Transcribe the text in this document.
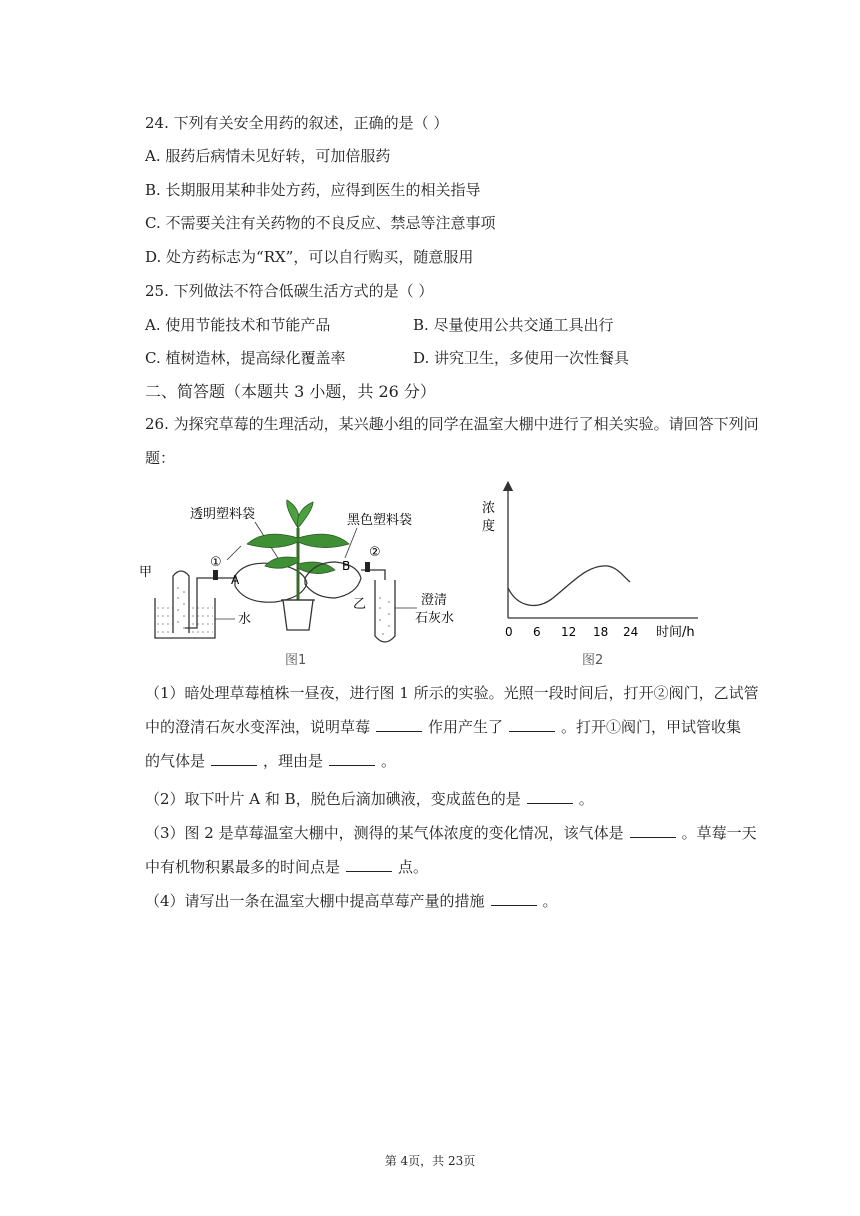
24. 下列有关安全用药的叙述，正确的是（ ）
A. 服药后病情未见好转，可加倍服药
B. 长期服用某种非处方药，应得到医生的相关指导
C. 不需要关注有关药物的不良反应、禁忌等注意事项
D. 处方药标志为“RX”，可以自行购买，随意服用
25. 下列做法不符合低碳生活方式的是（ ）
A. 使用节能技术和节能产品	B. 尽量使用公共交通工具出行
C. 植树造林，提高绿化覆盖率	D. 讲究卫生，多使用一次性餐具
二、简答题（本题共 3 小题，共 26 分）
26. 为探究草莓的生理活动，某兴趣小组的同学在温室大棚中进行了相关实验。请回答下列问题：
甲
水
①
A
透明塑料袋
B
黑色塑料袋
②
乙	澄清
石灰水
图1
浓
度
0 6 12 18 24 时间/h
图2
（1）暗处理草莓植株一昼夜，进行图 1 所示的实验。光照一段时间后，打开②阀门，乙试管
中的澄清石灰水变浑浊，说明草莓	作用产生了	。打开①阀门，甲试管收集
的气体是	，理由是	。
（2）取下叶片 A 和 B，脱色后滴加碘液，变成蓝色的是	。
（3）图 2 是草莓温室大棚中，测得的某气体浓度的变化情况，该气体是	。草莓一天
中有机物积累最多的时间点是	点。
（4）请写出一条在温室大棚中提高草莓产量的措施	。
第 4页，共 23页
